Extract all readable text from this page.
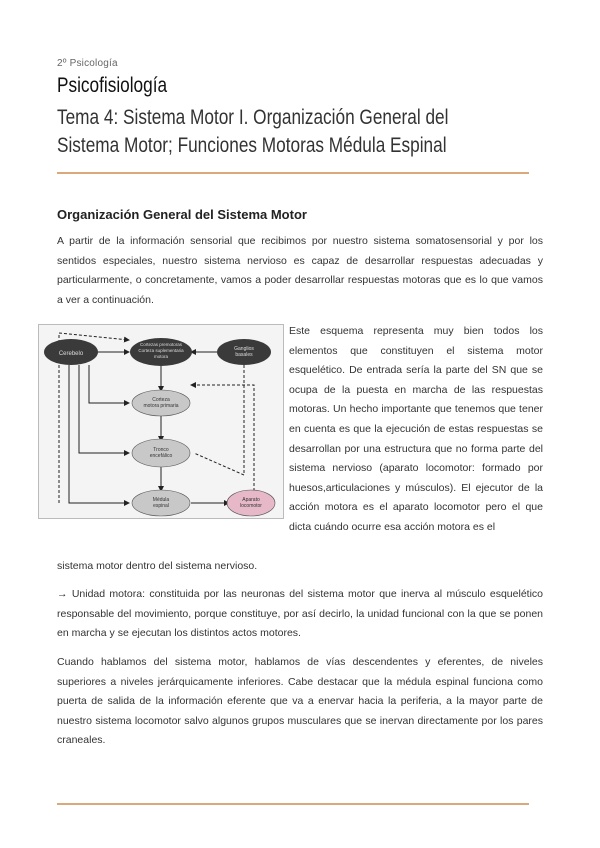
2º Psicología
Psicofisiología
Tema 4: Sistema Motor I. Organización General del Sistema Motor; Funciones Motoras Médula Espinal
Organización General del Sistema Motor
A partir de la información sensorial que recibimos por nuestro sistema somatosensorial y por los sentidos especiales, nuestro sistema nervioso es capaz de desarrollar respuestas adecuadas y particularmente, o concretamente, vamos a poder desarrollar respuestas motoras que es lo que vamos a ver a continuación.
Cerebelo
Cortezas premotoras
Corteza suplementaria
motora
Ganglios
basales
Corteza
motora primaria
Tronco
encefálico
Médula
espinal
Aparato
locomotor
Este esquema representa muy bien todos los elementos que constituyen el sistema motor esquelético. De entrada sería la parte del SN que se ocupa de la puesta en marcha de las respuestas motoras. Un hecho importante que tenemos que tener en cuenta es que la ejecución de estas respuestas se desarrollan por una estructura que no forma parte del sistema nervioso (aparato locomotor: formado por huesos,articulaciones y músculos). El ejecutor de la acción motora es el aparato locomotor pero el que dicta cuándo ocurre esa acción motora es el
sistema motor dentro del sistema nervioso.
→ Unidad motora: constituida por las neuronas del sistema motor que inerva al músculo esquelético responsable del movimiento, porque constituye, por así decirlo, la unidad funcional con la que se ponen en marcha y se ejecutan los distintos actos motores.
Cuando hablamos del sistema motor, hablamos de vías descendentes y eferentes, de niveles superiores a niveles jerárquicamente inferiores. Cabe destacar que la médula espinal funciona como puerta de salida de la información eferente que va a enervar hacia la periferia, a la mayor parte de nuestro sistema locomotor salvo algunos grupos musculares que se inervan directamente por los pares craneales.
